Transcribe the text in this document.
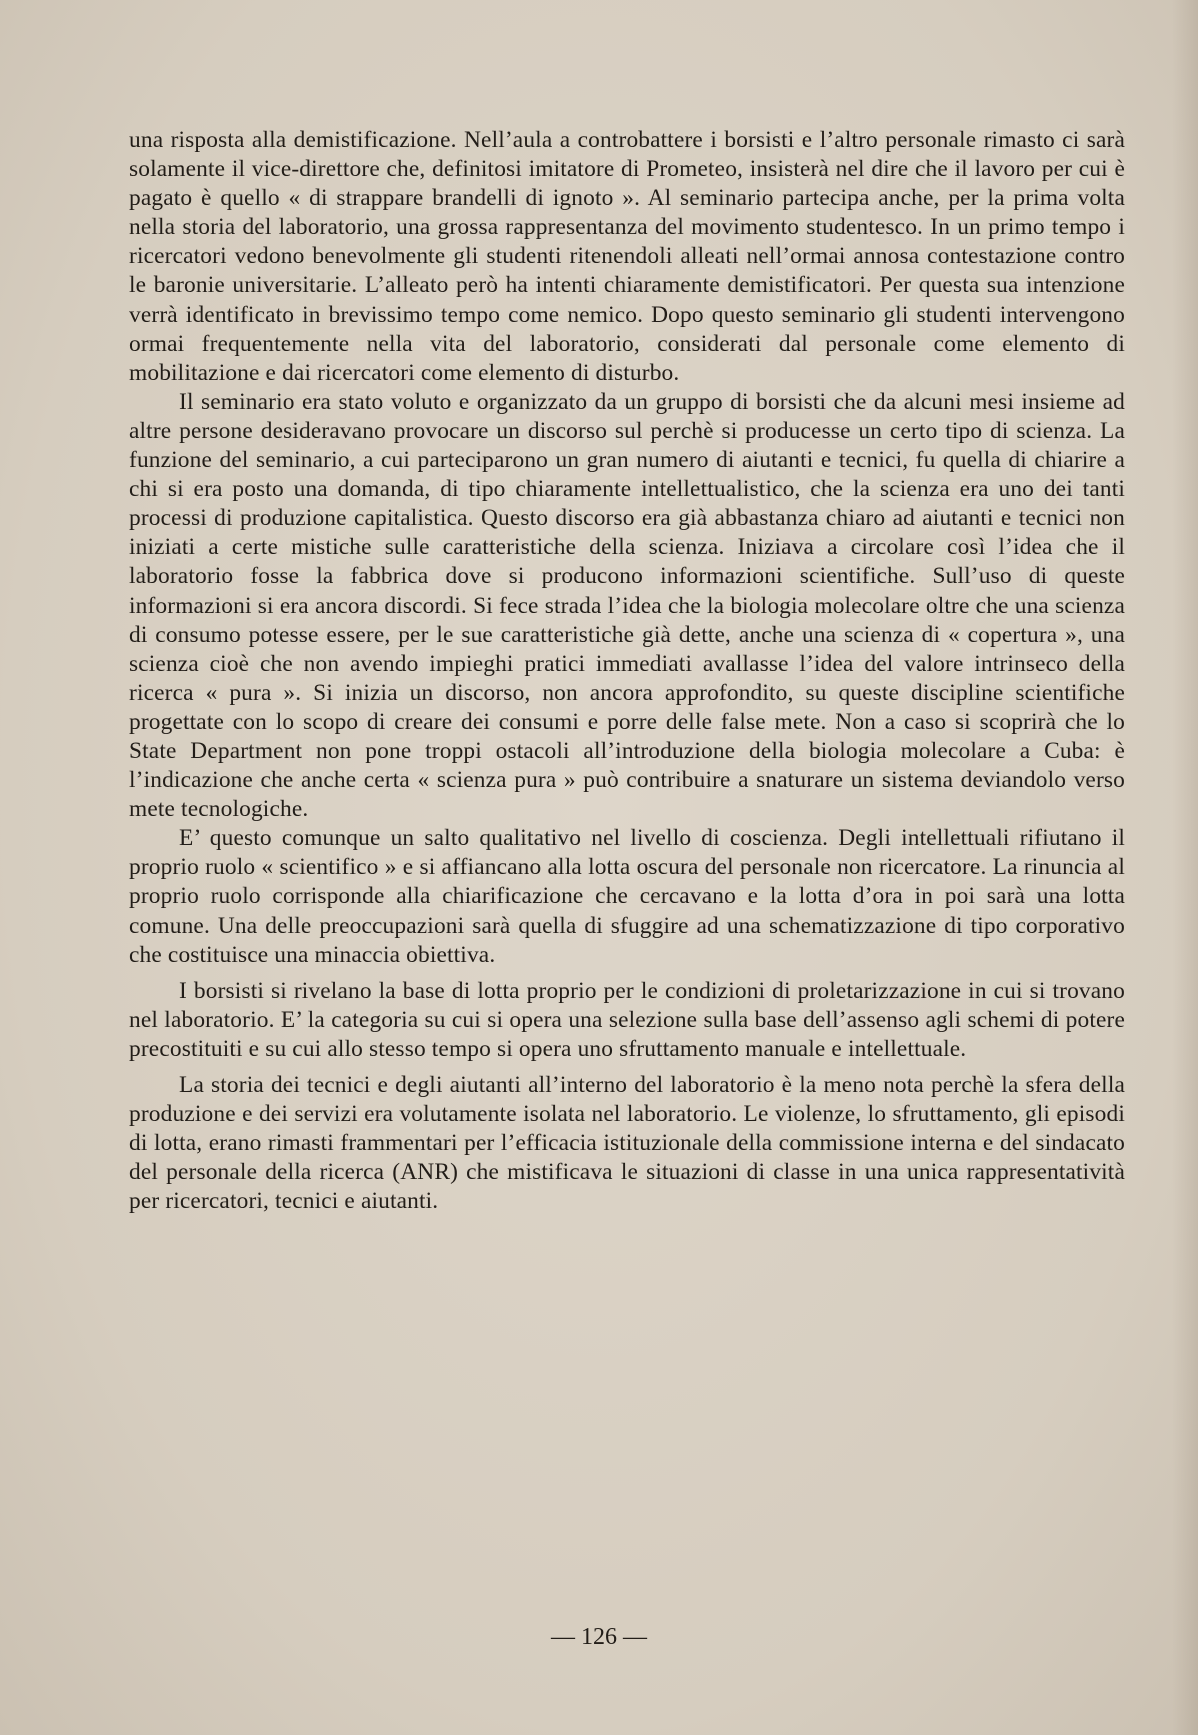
una risposta alla demistificazione. Nell’aula a controbattere i borsisti e l’altro personale rimasto ci sarà solamente il vice-direttore che, definitosi imitatore di Prometeo, insisterà nel dire che il lavoro per cui è pagato è quello « di strappare brandelli di ignoto ». Al seminario partecipa anche, per la prima volta nella storia del laboratorio, una grossa rappresentanza del movimento studentesco. In un primo tempo i ricercatori vedono benevolmente gli studenti ritenendoli alleati nell’ormai annosa contestazione contro le baronie universitarie. L’alleato però ha intenti chiaramente demistificatori. Per questa sua intenzione verrà identificato in brevissimo tempo come nemico. Dopo questo seminario gli studenti intervengono ormai frequentemente nella vita del laboratorio, considerati dal personale come elemento di mobilitazione e dai ricercatori come elemento di disturbo.

Il seminario era stato voluto e organizzato da un gruppo di borsisti che da alcuni mesi insieme ad altre persone desideravano provocare un discorso sul perchè si producesse un certo tipo di scienza. La funzione del seminario, a cui parteciparono un gran numero di aiutanti e tecnici, fu quella di chiarire a chi si era posto una domanda, di tipo chiaramente intellettualistico, che la scienza era uno dei tanti processi di produzione capitalistica. Questo discorso era già abbastanza chiaro ad aiutanti e tecnici non iniziati a certe mistiche sulle caratteristiche della scienza. Iniziava a circolare così l’idea che il laboratorio fosse la fabbrica dove si producono informazioni scientifiche. Sull’uso di queste informazioni si era ancora discordi. Si fece strada l’idea che la biologia molecolare oltre che una scienza di consumo potesse essere, per le sue caratteristiche già dette, anche una scienza di « copertura », una scienza cioè che non avendo impieghi pratici immediati avallasse l’idea del valore intrinseco della ricerca « pura ». Si inizia un discorso, non ancora approfondito, su queste discipline scientifiche progettate con lo scopo di creare dei consumi e porre delle false mete. Non a caso si scoprirà che lo State Department non pone troppi ostacoli all’introduzione della biologia molecolare a Cuba: è l’indicazione che anche certa « scienza pura » può contribuire a snaturare un sistema deviandolo verso mete tecnologiche.

E’ questo comunque un salto qualitativo nel livello di coscienza. Degli intellettuali rifiutano il proprio ruolo « scientifico » e si affiancano alla lotta oscura del personale non ricercatore. La rinuncia al proprio ruolo corrisponde alla chiarificazione che cercavano e la lotta d’ora in poi sarà una lotta comune. Una delle preoccupazioni sarà quella di sfuggire ad una schematizzazione di tipo corporativo che costituisce una minaccia obiettiva.

I borsisti si rivelano la base di lotta proprio per le condizioni di proletarizzazione in cui si trovano nel laboratorio. E’ la categoria su cui si opera una selezione sulla base dell’assenso agli schemi di potere precostituiti e su cui allo stesso tempo si opera uno sfruttamento manuale e intellettuale.

La storia dei tecnici e degli aiutanti all’interno del laboratorio è la meno nota perchè la sfera della produzione e dei servizi era volutamente isolata nel laboratorio. Le violenze, lo sfruttamento, gli episodi di lotta, erano rimasti frammentari per l’efficacia istituzionale della commissione interna e del sindacato del personale della ricerca (ANR) che mistificava le situazioni di classe in una unica rappresentatività per ricercatori, tecnici e aiutanti.

— 126 —
